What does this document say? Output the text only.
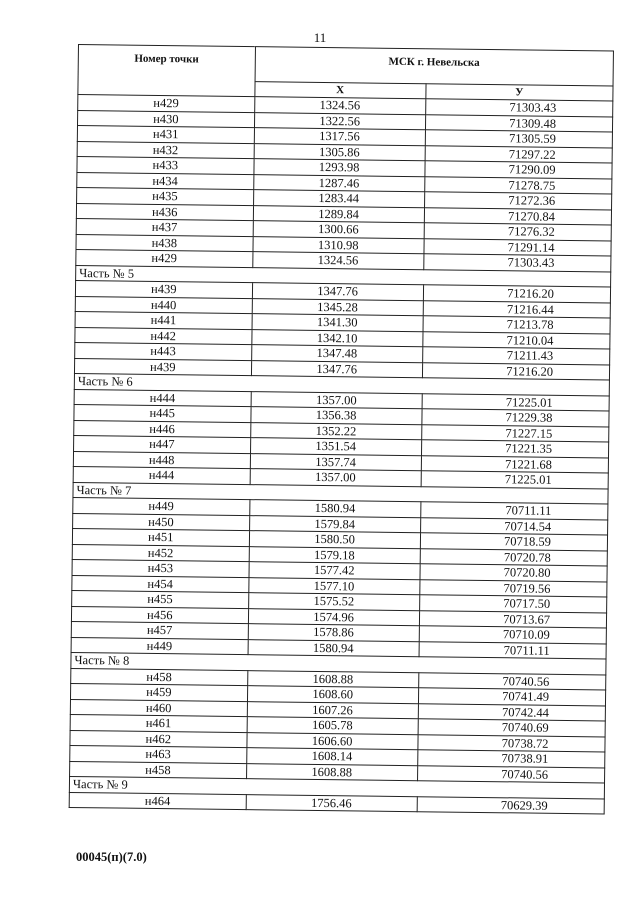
11
Номер точки	МСК г. Невельска	
	X	У
н429	1324.56	71303.43
н430	1322.56	71309.48
н431	1317.56	71305.59
н432	1305.86	71297.22
н433	1293.98	71290.09
н434	1287.46	71278.75
н435	1283.44	71272.36
н436	1289.84	71270.84
н437	1300.66	71276.32
н438	1310.98	71291.14
н429	1324.56	71303.43
Часть № 5		
н439	1347.76	71216.20
н440	1345.28	71216.44
н441	1341.30	71213.78
н442	1342.10	71210.04
н443	1347.48	71211.43
н439	1347.76	71216.20
Часть № 6		
н444	1357.00	71225.01
н445	1356.38	71229.38
н446	1352.22	71227.15
н447	1351.54	71221.35
н448	1357.74	71221.68
н444	1357.00	71225.01
Часть № 7		
н449	1580.94	70711.11
н450	1579.84	70714.54
н451	1580.50	70718.59
н452	1579.18	70720.78
н453	1577.42	70720.80
н454	1577.10	70719.56
н455	1575.52	70717.50
н456	1574.96	70713.67
н457	1578.86	70710.09
н449	1580.94	70711.11
Часть № 8		
н458	1608.88	70740.56
н459	1608.60	70741.49
н460	1607.26	70742.44
н461	1605.78	70740.69
н462	1606.60	70738.72
н463	1608.14	70738.91
н458	1608.88	70740.56
Часть № 9		
н464	1756.46	70629.39
00045(п)(7.0)
